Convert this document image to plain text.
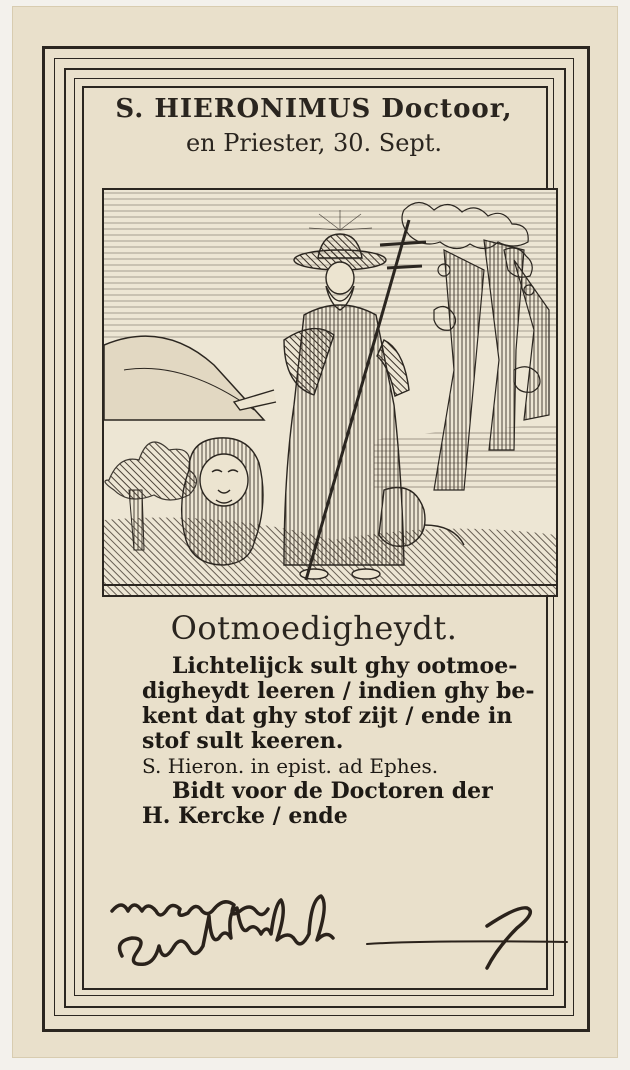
S. HIERONIMUS Doctoor,
en Priester, 30. Sept.
Ootmoedigheydt.
Lichtelijck sult ghy ootmoe-
digheydt leeren / indien ghy be-
kent dat ghy stof zijt / ende in
stof sult keeren.
S. Hieron. in epist. ad Ephes.
Bidt voor de Doctoren der
H. Kercke / ende
